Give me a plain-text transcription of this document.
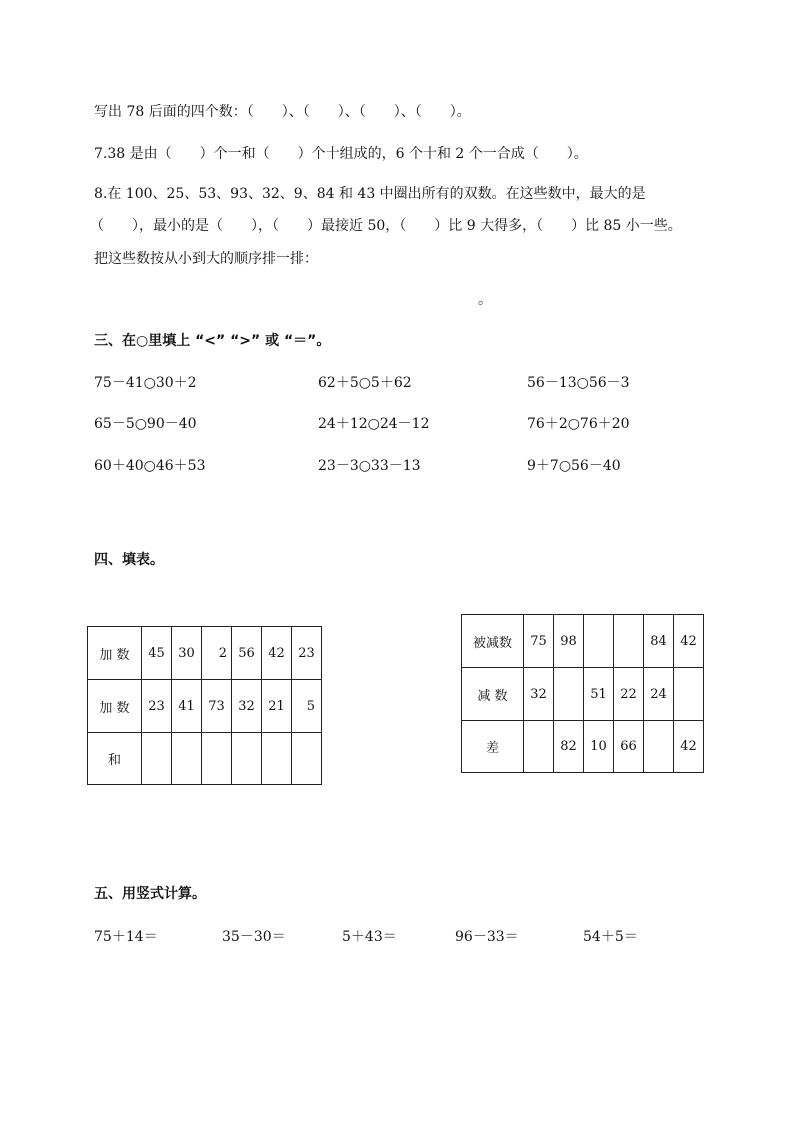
写出 78 后面的四个数：（　　）、（　　）、（　　）、（　　）。
7.38 是由（　　）个一和（　　）个十组成的，6 个十和 2 个一合成（　　）。
8.在 100、25、53、93、32、9、84 和 43 中圈出所有的双数。在这些数中，最大的是
（　　），最小的是（　　），（　　）最接近 50，（　　）比 9 大得多，（　　）比 85 小一些。
把这些数按从小到大的顺序排一排：
。
三、在○里填上 “<” “>” 或 “＝”。
75－41○30＋2	62＋5○5＋62	56－13○56－3
65－5○90－40	24＋12○24－12	76＋2○76＋20
60＋40○46＋53	23－3○33－13	9＋7○56－40
四、填表。
加 数	45	30	2	56	42	23
加 数	23	41	73	32	21	5
和						
被减数	75	98			84	42
减 数	32		51	22	24	
差		82	10	66		42
五、用竖式计算。
75＋14＝	35－30＝	5＋43＝	96－33＝	54＋5＝
